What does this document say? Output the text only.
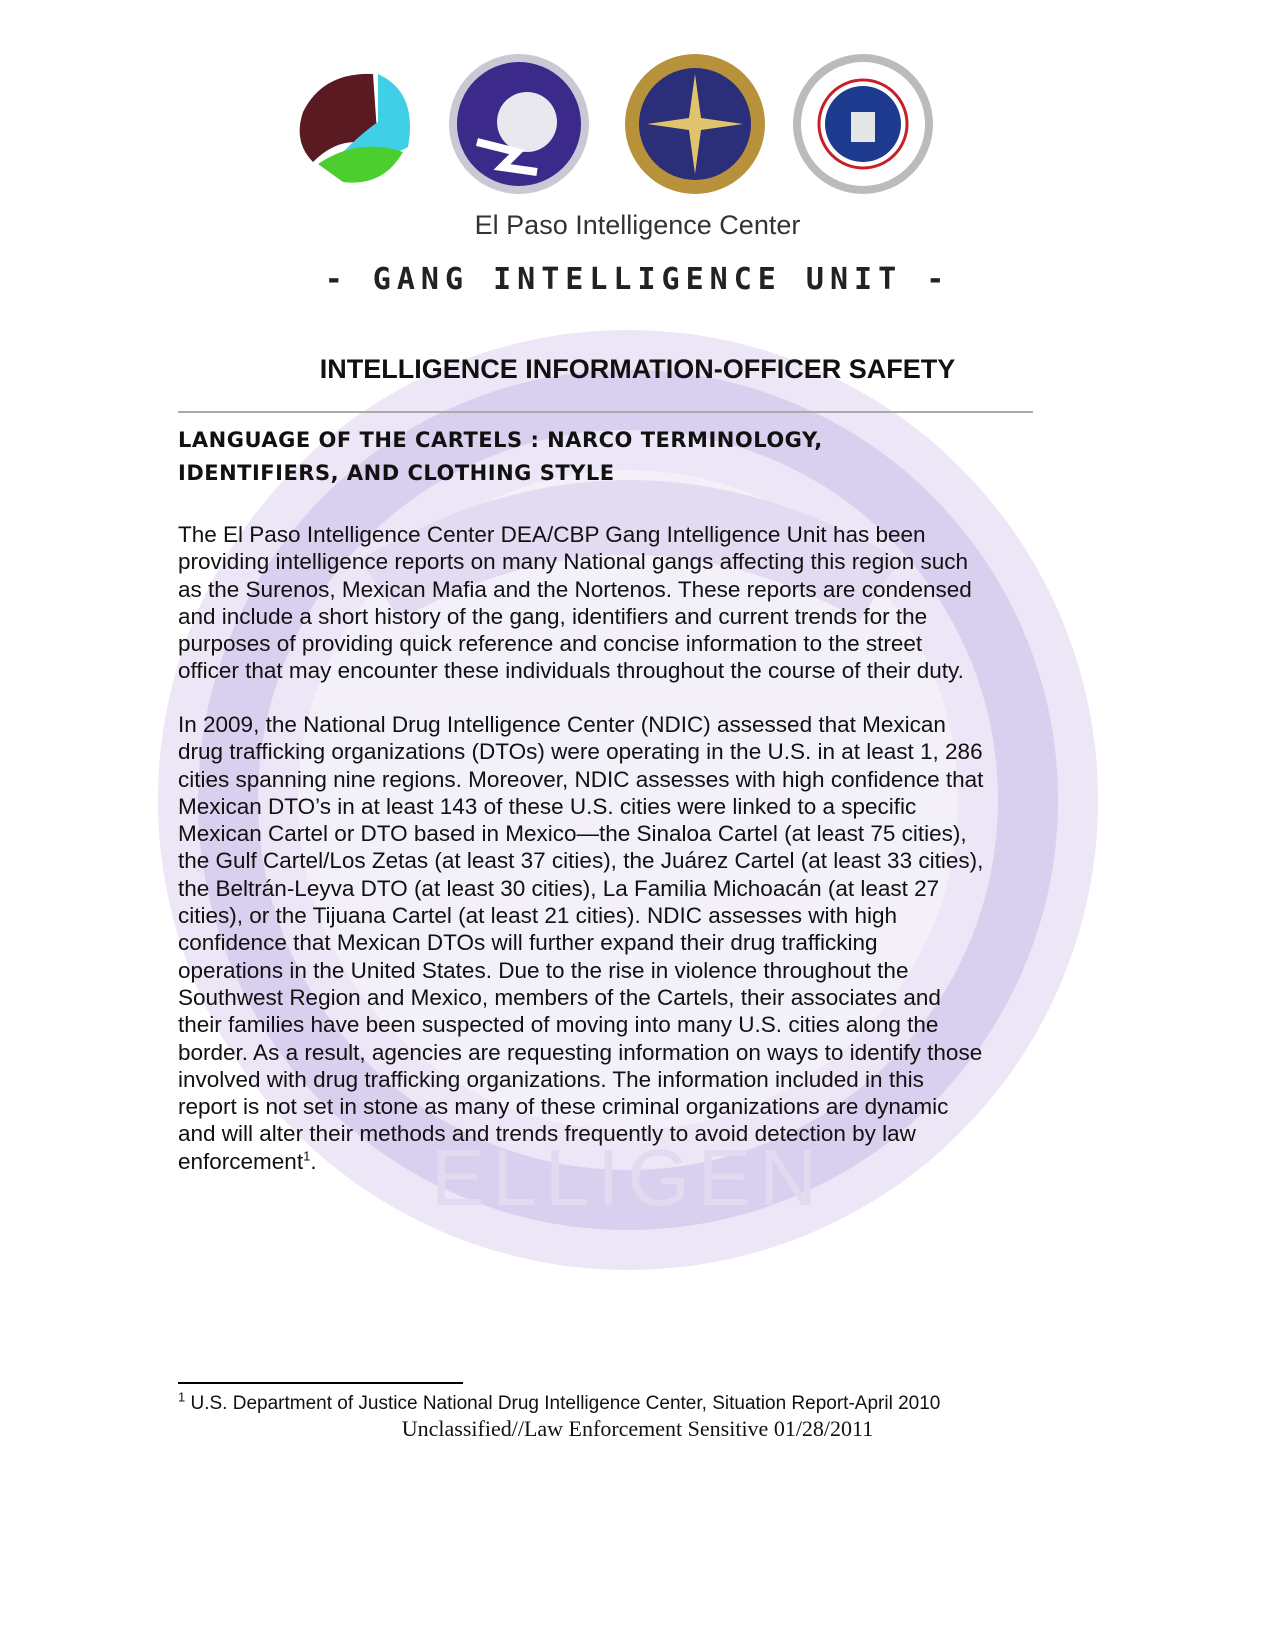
ELLIGEN
El Paso Intelligence Center
- GANG INTELLIGENCE UNIT -
INTELLIGENCE INFORMATION-OFFICER SAFETY
LANGUAGE OF THE CARTELS : NARCO TERMINOLOGY,
IDENTIFIERS, AND CLOTHING STYLE
The El Paso Intelligence Center DEA/CBP Gang Intelligence Unit has been
providing intelligence reports on many National gangs affecting this region such
as the Surenos, Mexican Mafia and the Nortenos. These reports are condensed
and include a short history of the gang, identifiers and current trends for the
purposes of providing quick reference and concise information to the street
officer that may encounter these individuals throughout the course of their duty.
In 2009, the National Drug Intelligence Center (NDIC) assessed that Mexican
drug trafficking organizations (DTOs) were operating in the U.S. in at least 1, 286
cities spanning nine regions. Moreover, NDIC assesses with high confidence that
Mexican DTO’s in at least 143 of these U.S. cities were linked to a specific
Mexican Cartel or DTO based in Mexico—the Sinaloa Cartel (at least 75 cities),
the Gulf Cartel/Los Zetas (at least 37 cities), the Juárez Cartel (at least 33 cities),
the Beltrán-Leyva DTO (at least 30 cities), La Familia Michoacán (at least 27
cities), or the Tijuana Cartel (at least 21 cities). NDIC assesses with high
confidence that Mexican DTOs will further expand their drug trafficking
operations in the United States. Due to the rise in violence throughout the
Southwest Region and Mexico, members of the Cartels, their associates and
their families have been suspected of moving into many U.S. cities along the
border. As a result, agencies are requesting information on ways to identify those
involved with drug trafficking organizations. The information included in this
report is not set in stone as many of these criminal organizations are dynamic
and will alter their methods and trends frequently to avoid detection by law
enforcement$^1$.
$^1$ U.S. Department of Justice National Drug Intelligence Center, Situation Report-April 2010
Unclassified//Law Enforcement Sensitive 01/28/2011
